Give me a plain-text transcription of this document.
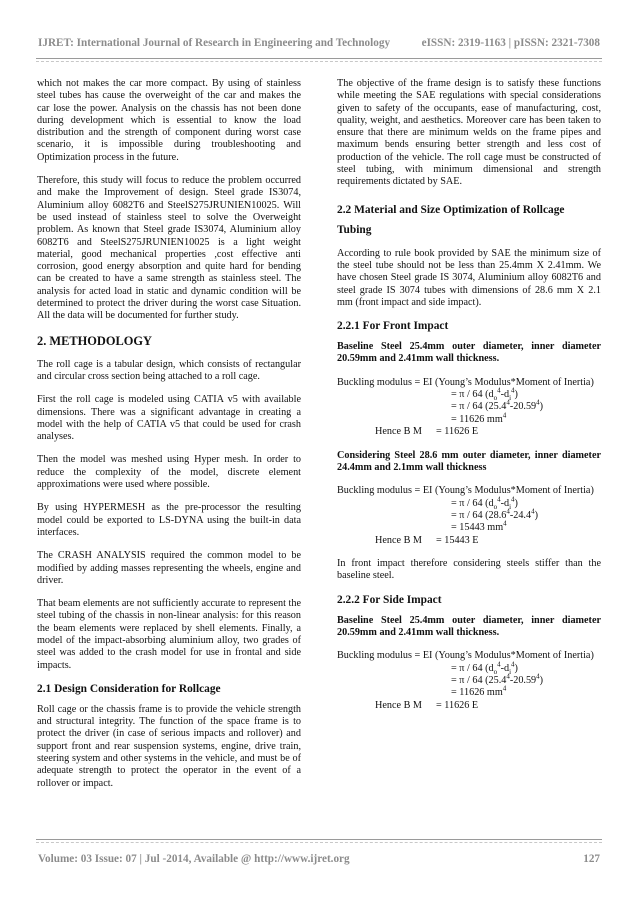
IJRET: International Journal of Research in Engineering and Technology	eISSN: 2319-1163 | pISSN: 2321-7308

which not makes the car more compact. By using of stainless steel tubes has cause the overweight of the car and makes the car lose the power. Analysis on the chassis has not been done during development which is essential to know the load distribution and the strength of component during worst case scenario, it is impossible during troubleshooting and Optimization process in the future.

Therefore, this study will focus to reduce the problem occurred and make the Improvement of design. Steel grade IS3074, Aluminium alloy 6082T6 and SteelS275JRUNIEN10025. Will be used instead of stainless steel to solve the Overweight problem. As known that Steel grade IS3074, Aluminium alloy 6082T6 and SteelS275JRUNIEN10025 is a light weight material, good mechanical properties ,cost effective anti corrosion, good energy absorption and quite hard for bending can be created to have a same strength as stainless steel. The analysis for acted load in static and dynamic condition will be determined to protect the driver during the worst case Situation. All the data will be documented for further study.

2. METHODOLOGY

The roll cage is a tabular design, which consists of rectangular and circular cross section being attached to a roll cage.

First the roll cage is modeled using CATIA v5 with available dimensions. There was a significant advantage in creating a model with the help of CATIA v5 that could be used for crash analyses.

Then the model was meshed using Hyper mesh. In order to reduce the complexity of the model, discrete element approximations were used where possible.

By using HYPERMESH as the pre-processor the resulting model could be exported to LS-DYNA using the built-in data interfaces.

The CRASH ANALYSIS required the common model to be modified by adding masses representing the wheels, engine and driver.

That beam elements are not sufficiently accurate to represent the steel tubing of the chassis in non-linear analysis: for this reason the beam elements were replaced by shell elements. Finally, a model of the impact-absorbing aluminium alloy, two grades of steel was added to the crash model for use in frontal and side impacts.

2.1 Design Consideration for Rollcage

Roll cage or the chassis frame is to provide the vehicle strength and structural integrity. The function of the space frame is to protect the driver (in case of serious impacts and rollover) and support front and rear suspension systems, engine, drive train, steering system and other systems in the vehicle, and must be of adequate strength to protect the operator in the event of a rollover or impact.

The objective of the frame design is to satisfy these functions while meeting the SAE regulations with special considerations given to safety of the occupants, ease of manufacturing, cost, quality, weight, and aesthetics. Moreover care has been taken to ensure that there are minimum welds on the frame pipes and maximum bends ensuring better strength and less cost of production of the vehicle. The roll cage must be constructed of steel tubing, with minimum dimensional and strength requirements dictated by SAE.

2.2 Material and Size Optimization of Rollcage
Tubing

According to rule book provided by SAE the minimum size of the steel tube should not be less than 25.4mm X 2.41mm. We have chosen Steel grade IS 3074, Aluminium alloy 6082T6 and steel grade IS 3074 tubes with dimensions of 28.6 mm X 2.1 mm (front impact and side impact).

2.2.1 For Front Impact

Baseline Steel 25.4mm outer diameter, inner diameter 20.59mm and 2.41mm wall thickness.

Buckling modulus = EI (Young’s Modulus*Moment of Inertia)
= π / 64 $(d_o^4-d_i^4)$
= π / 64 $(25.4^4-20.59^4)$
= 11626 $mm^4$
Hence B M = 11626 E

Considering Steel 28.6 mm outer diameter, inner diameter 24.4mm and 2.1mm wall thickness

Buckling modulus = EI (Young’s Modulus*Moment of Inertia)
= π / 64 $(d_o^4-d_i^4)$
= π / 64 $(28.6^4-24.4^4)$
= 15443 $mm^4$
Hence B M = 15443 E

In front impact therefore considering steels stiffer than the baseline steel.

2.2.2 For Side Impact

Baseline Steel 25.4mm outer diameter, inner diameter 20.59mm and 2.41mm wall thickness.

Buckling modulus = EI (Young’s Modulus*Moment of Inertia)
= π / 64 $(d_o^4-d_i^4)$
= π / 64 $(25.4^4-20.59^4)$
= 11626 $mm^4$
Hence B M = 11626 E
Volume: 03 Issue: 07 | Jul -2014, Available @ http://www.ijret.org	127
